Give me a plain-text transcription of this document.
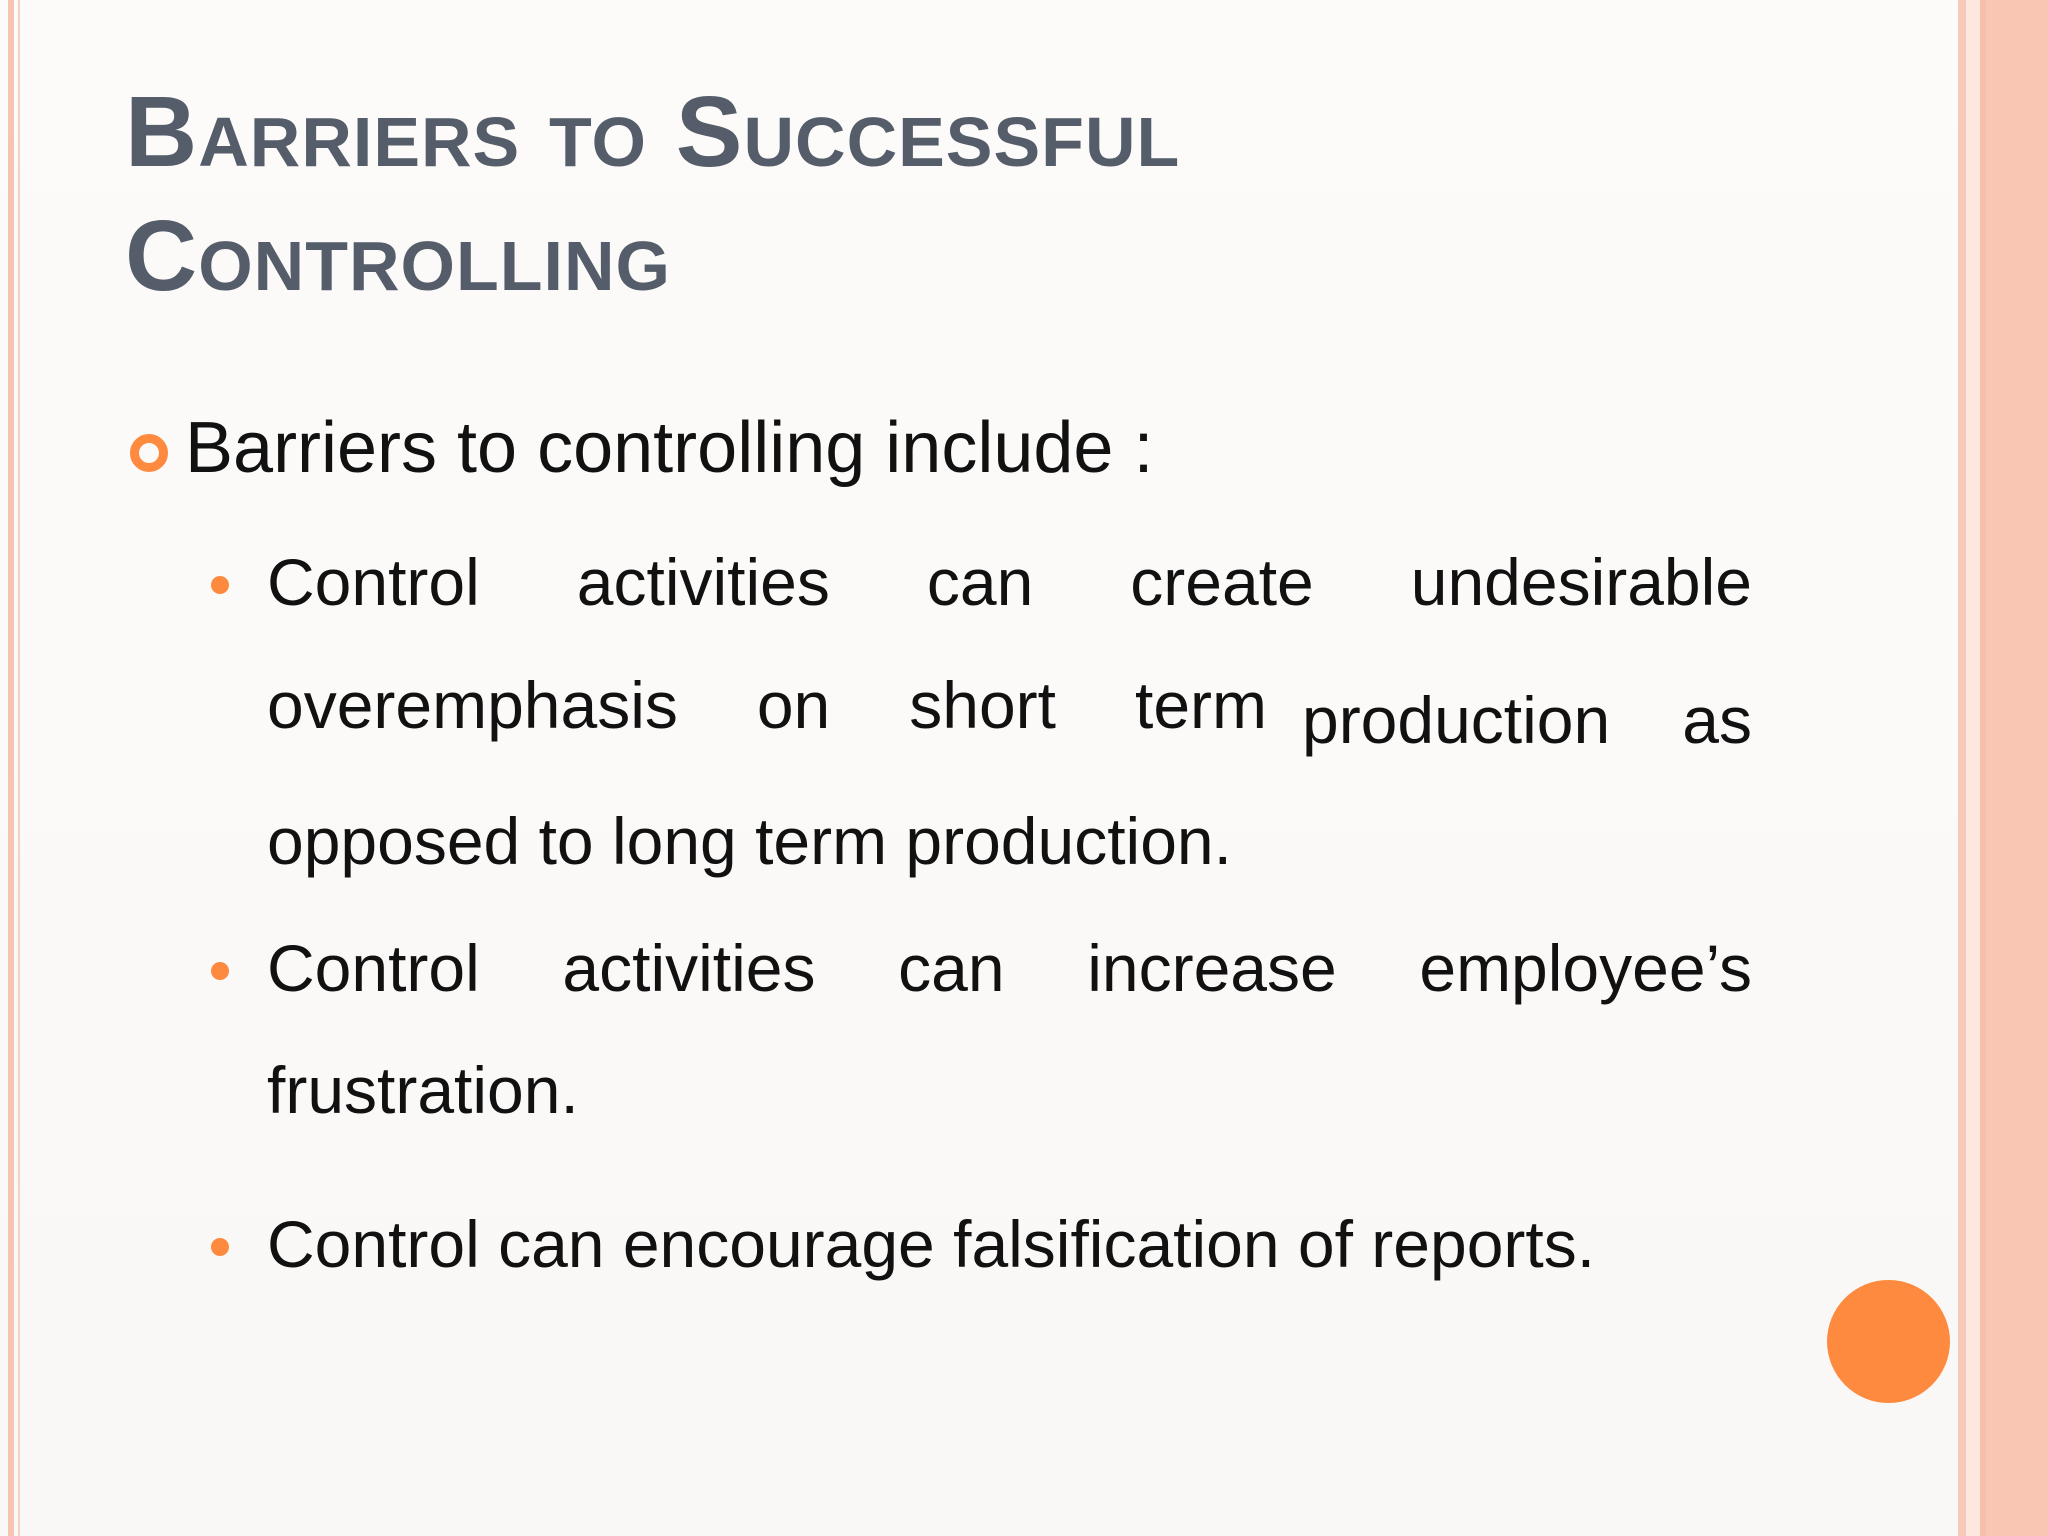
Barriers to Successful
Controlling
Barriers to controlling include :
Control activities can create undesirable
overemphasis on short term production as
opposed to long term production.
Control activities can increase employee’s
frustration.
Control can encourage falsification of reports.
